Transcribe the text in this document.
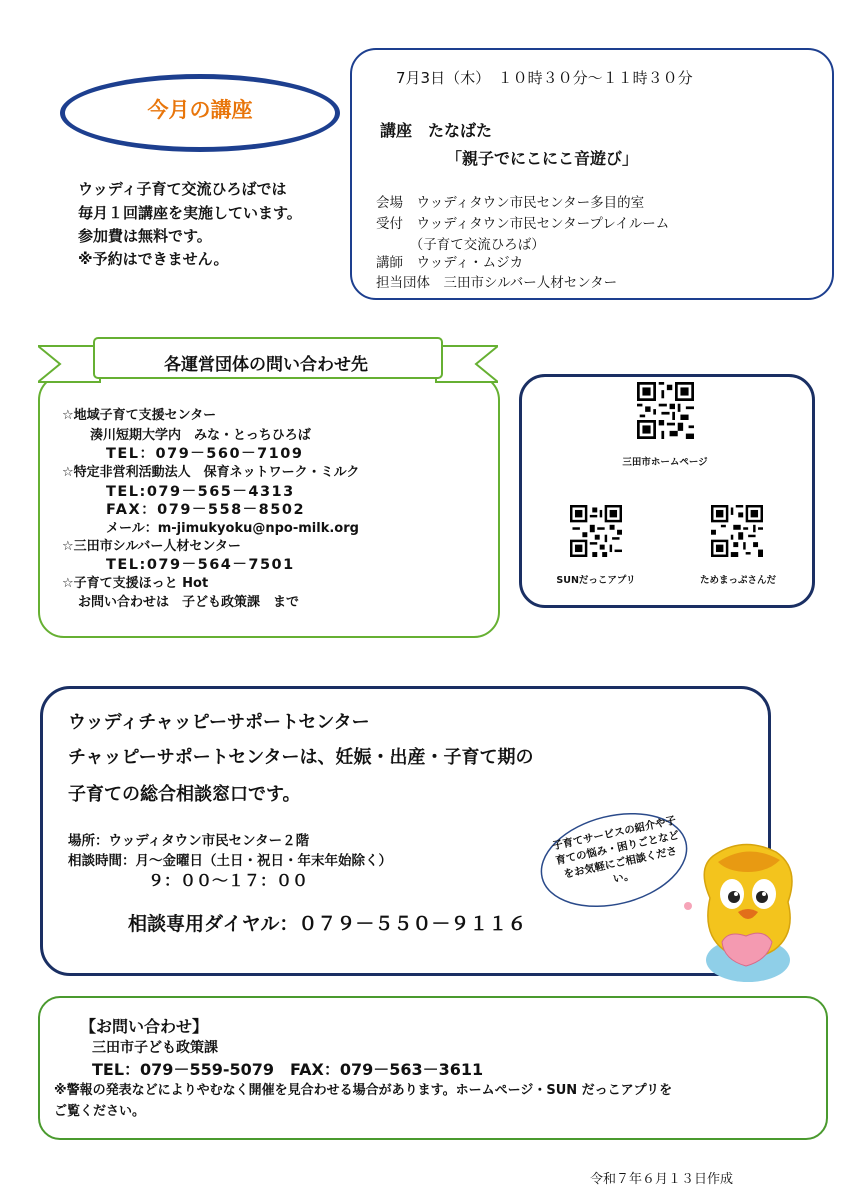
今月の講座
ウッディ子育て交流ひろばでは
毎月１回講座を実施しています。
参加費は無料です。
※予約はできません。
7月3日（木）　１０時３０分～１１時３０分
講座　たなばた
「親子でにこにこ音遊び」
会場　ウッディタウン市民センター多目的室
受付　ウッディタウン市民センタープレイルーム
　　　（子育て交流ひろば）
講師　ウッディ・ムジカ
担当団体　三田市シルバー人材センター
各運営団体の問い合わせ先
☆地域子育て支援センター
湊川短期大学内　みな・とっちひろば
TEL：079－560－7109
☆特定非営利活動法人　保育ネットワーク・ミルク
TEL:079－565－4313
FAX：079－558－8502
メール：m-jimukyoku@npo-milk.org
☆三田市シルバー人材センター
TEL:079－564－7501
☆子育て支援ほっと Hot
お問い合わせは　子ども政策課　まで
三田市ホームページ
SUNだっこアプリ	ためまっぷさんだ
ウッディチャッピーサポートセンター
チャッピーサポートセンターは、妊娠・出産・子育て期の
子育ての総合相談窓口です。
場所：ウッディタウン市民センター２階
相談時間：月～金曜日（土日・祝日・年末年始除く）
９：００～１７：００
相談専用ダイヤル：０７９－５５０－９１１６
子育てサービスの紹介や子育ての悩み・困りごとなどをお気軽にご相談ください。
【お問い合わせ】
三田市子ども政策課
TEL：079－559-5079　FAX：079－563－3611
※警報の発表などによりやむなく開催を見合わせる場合があります。ホームページ・SUN だっこアプリを
ご覧ください。
令和７年６月１３日作成
